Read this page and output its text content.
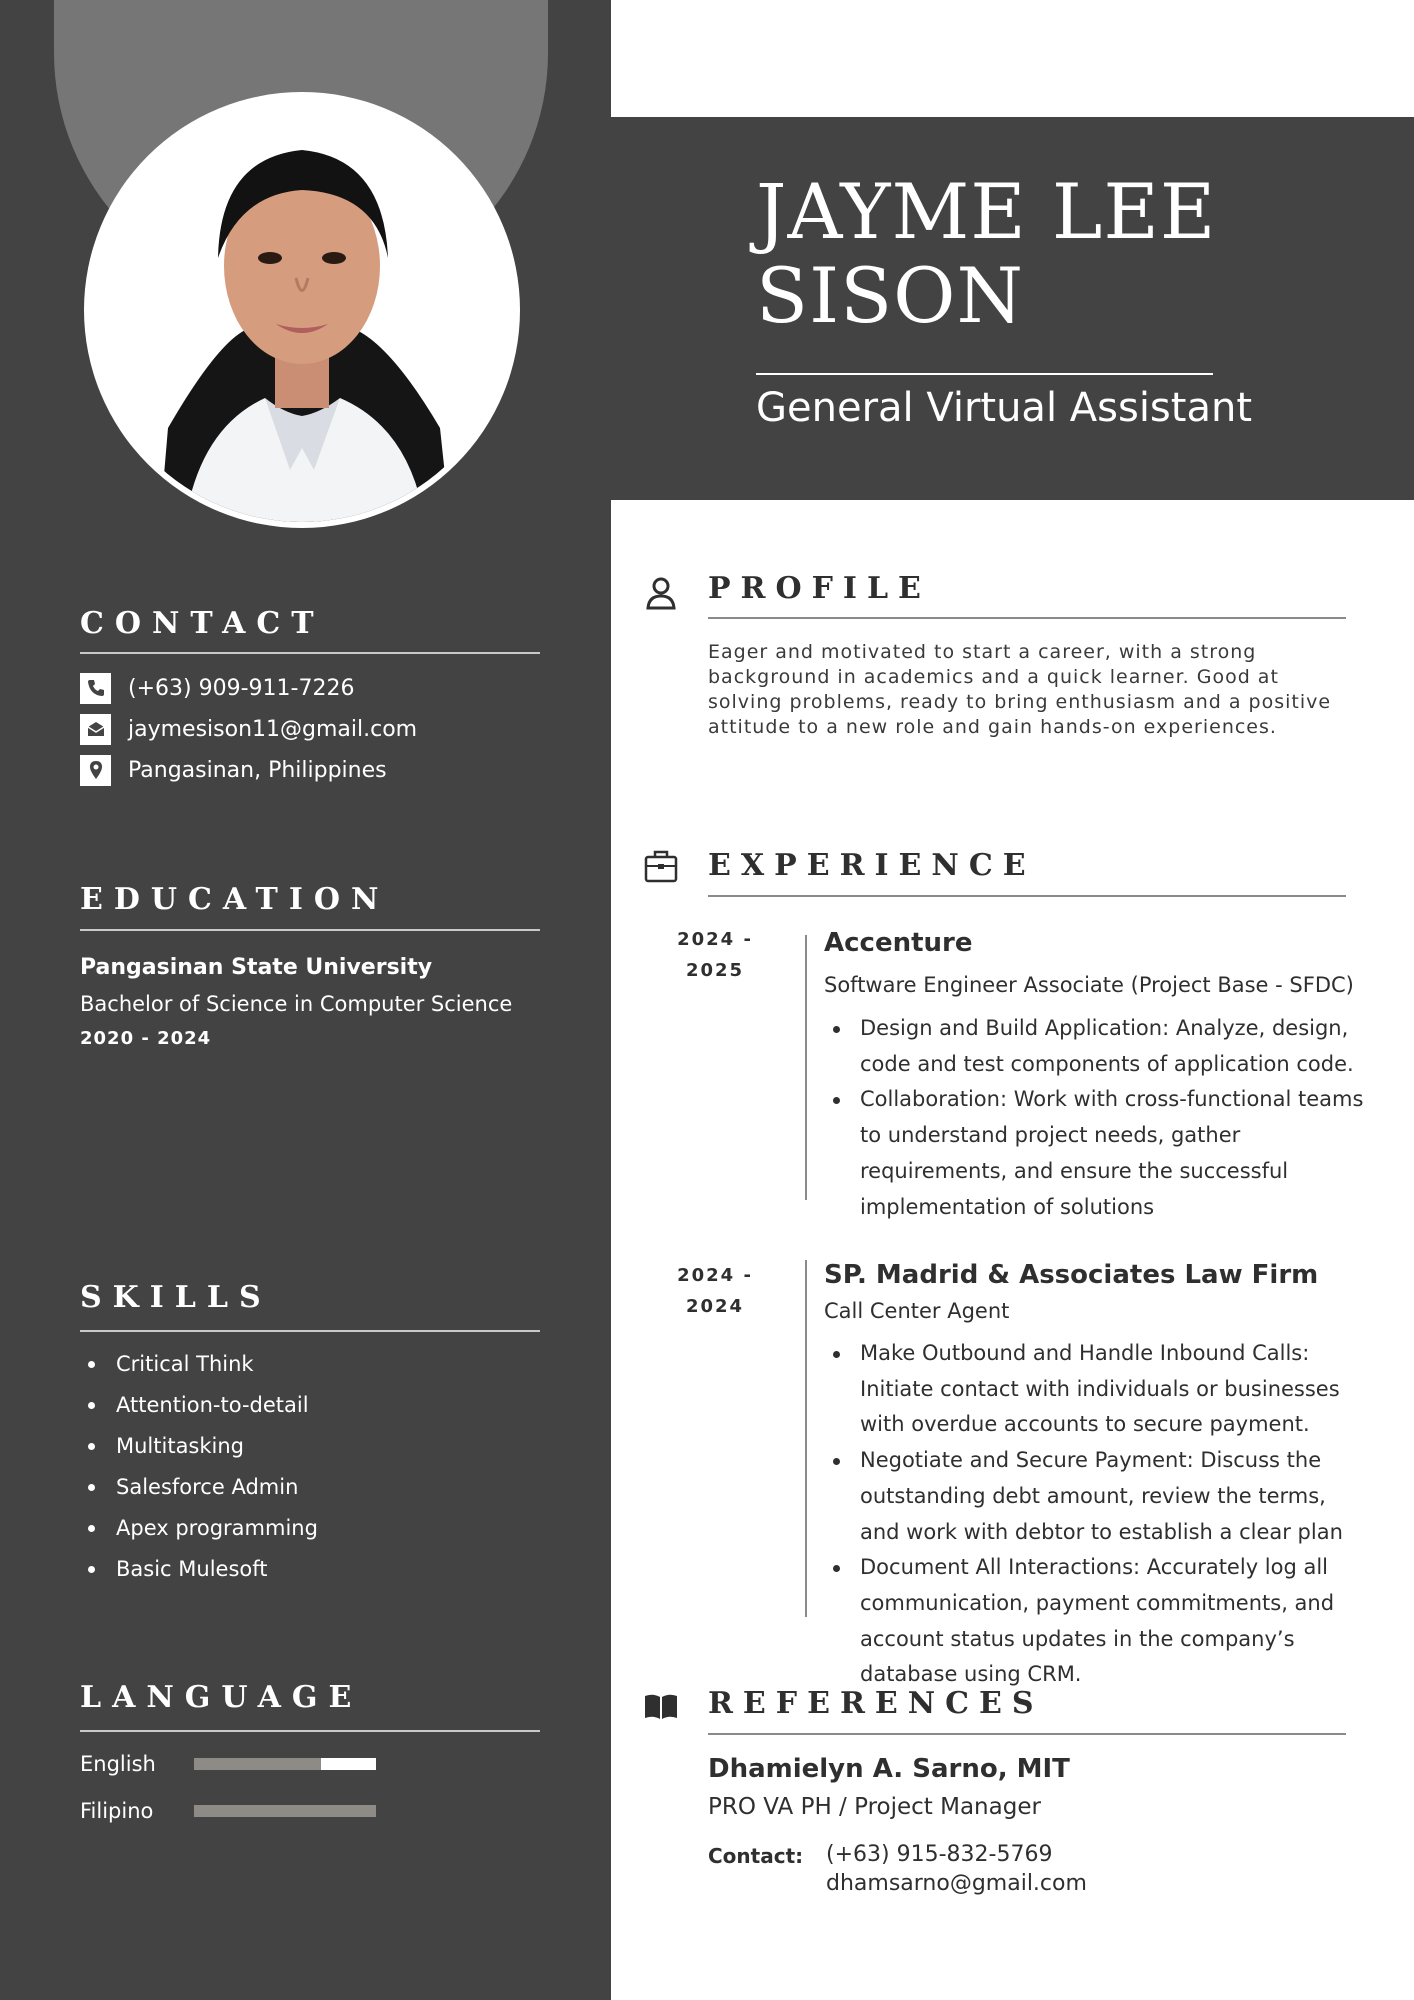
CONTACT
(+63) 909-911-7226
jaymesison11@gmail.com
Pangasinan, Philippines
EDUCATION
Pangasinan State University
Bachelor of Science in Computer Science
2020 - 2024
SKILLS
Critical Think
Attention-to-detail
Multitasking
Salesforce Admin
Apex programming
Basic Mulesoft
LANGUAGE
English
Filipino
JAYME LEE
SISON
General Virtual Assistant
PROFILE

Eager and motivated to start a career, with a strong background in academics and a quick learner. Good at solving problems, ready to bring enthusiasm and a positive attitude to a new role and gain hands-on experiences.

EXPERIENCE
2024 -
2025
Accenture
Software Engineer Associate (Project Base - SFDC)
Design and Build Application: Analyze, design, code and test components of application code.
Collaboration: Work with cross-functional teams to understand project needs, gather requirements, and ensure the successful implementation of solutions
2024 -
2024
SP. Madrid & Associates Law Firm
Call Center Agent
Make Outbound and Handle Inbound Calls: Initiate contact with individuals or businesses with overdue accounts to secure payment.
Negotiate and Secure Payment: Discuss the outstanding debt amount, review the terms, and work with debtor to establish a clear plan
Document All Interactions: Accurately log all communication, payment commitments, and account status updates in the company’s database using CRM.
REFERENCES
Dhamielyn A. Sarno, MIT
PRO VA PH / Project Manager
Contact: (+63) 915-832-5769
dhamsarno@gmail.com
